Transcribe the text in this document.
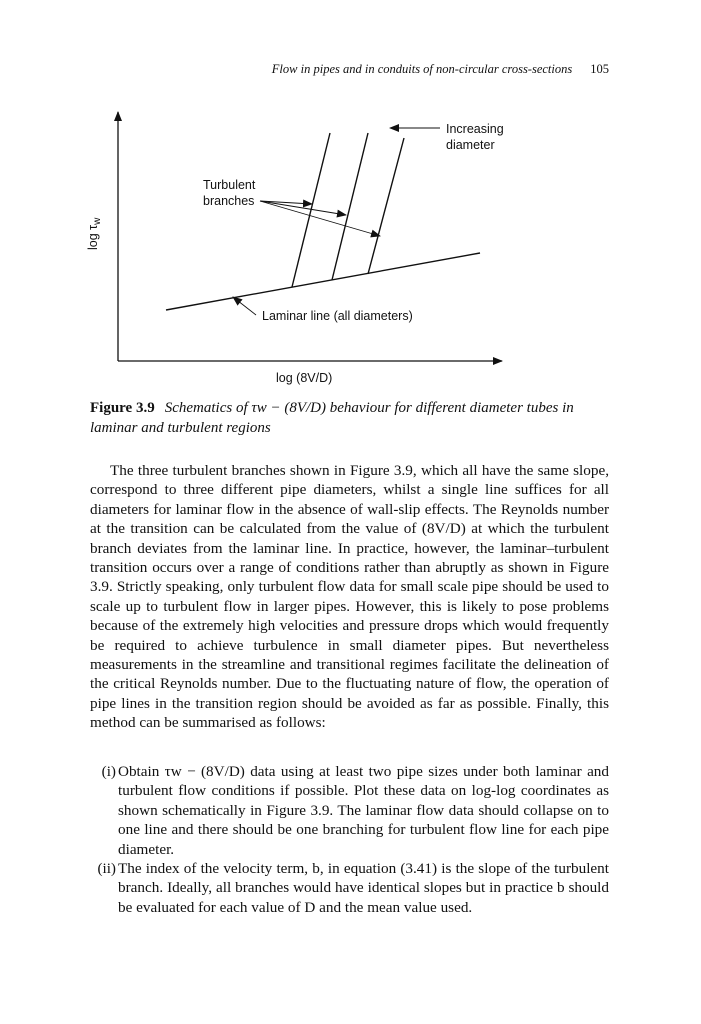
Flow in pipes and in conduits of non-circular cross-sections 105
Increasing
diameter
Turbulent
branches
Laminar line (all diameters)
$\log \tau_w$
log (8V/D)
Figure 3.9 Schematics of τw − (8V/D) behaviour for different diameter tubes in laminar and turbulent regions

The three turbulent branches shown in Figure 3.9, which all have the same slope, correspond to three different pipe diameters, whilst a single line suffices for all diameters for laminar flow in the absence of wall-slip effects. The Reynolds number at the transition can be calculated from the value of (8V/D) at which the turbulent branch deviates from the laminar line. In practice, however, the laminar–turbulent transition occurs over a range of conditions rather than abruptly as shown in Figure 3.9. Strictly speaking, only turbulent flow data for small scale pipe should be used to scale up to turbulent flow in larger pipes. However, this is likely to pose problems because of the extremely high velocities and pressure drops which would frequently be required to achieve turbulence in small diameter pipes. But nevertheless measurements in the streamline and transitional regimes facilitate the delineation of the critical Reynolds number. Due to the fluctuating nature of flow, the operation of pipe lines in the transition region should be avoided as far as possible. Finally, this method can be summarised as follows:

(i) Obtain τw − (8V/D) data using at least two pipe sizes under both laminar and turbulent flow conditions if possible. Plot these data on log-log coordinates as shown schematically in Figure 3.9. The laminar flow data should collapse on to one line and there should be one branching for turbulent flow line for each pipe diameter.
(ii) The index of the velocity term, b, in equation (3.41) is the slope of the turbulent branch. Ideally, all branches would have identical slopes but in practice b should be evaluated for each value of D and the mean value used.
